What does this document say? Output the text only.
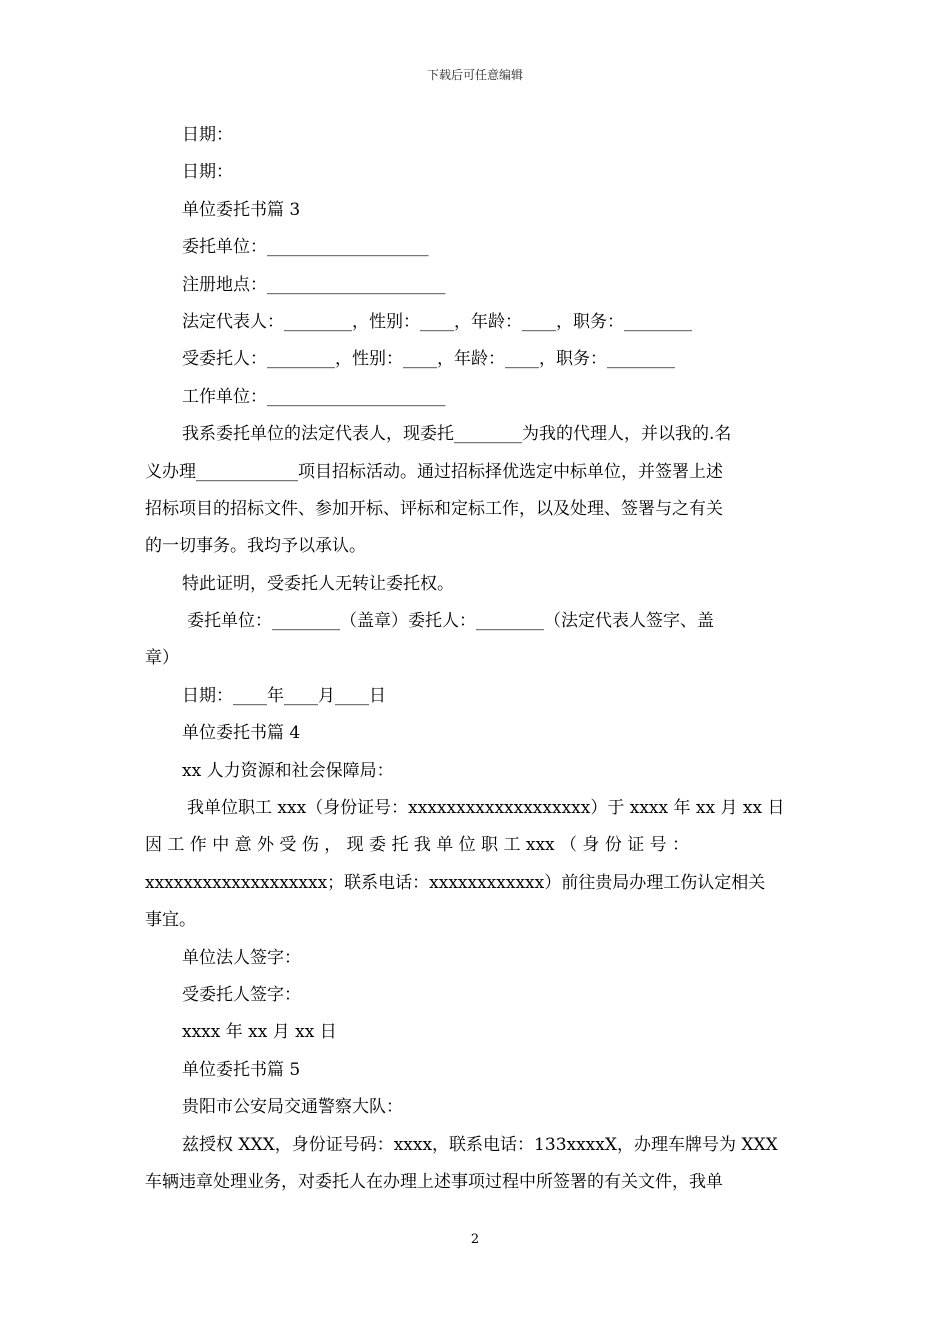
下载后可任意编辑
日期：
日期：
单位委托书篇 3
委托单位：___________________
注册地点：_____________________
法定代表人：________，性别：____，年龄：____，职务：________
受委托人：________，性别：____，年龄：____，职务：________
工作单位：_____________________
我系委托单位的法定代表人，现委托________为我的代理人，并以我的.名
义办理____________项目招标活动。通过招标择优选定中标单位，并签署上述
招标项目的招标文件、参加开标、评标和定标工作，以及处理、签署与之有关
的一切事务。我均予以承认。
特此证明，受委托人无转让委托权。
委托单位：________（盖章）委托人：________（法定代表人签字、盖
章）
日期：____年____月____日
单位委托书篇 4
xx 人力资源和社会保障局：
我单位职工 xxx（身份证号：xxxxxxxxxxxxxxxxxxx）于 xxxx 年 xx 月 xx 日
因 工 作 中 意 外 受 伤 ， 现 委 托 我 单 位 职 工 xxx （ 身 份 证 号 ：
xxxxxxxxxxxxxxxxxxx；联系电话：xxxxxxxxxxxx）前往贵局办理工伤认定相关
事宜。
单位法人签字：
受委托人签字：
xxxx 年 xx 月 xx 日
单位委托书篇 5
贵阳市公安局交通警察大队：
兹授权 XXX，身份证号码：xxxx，联系电话：133xxxxX，办理车牌号为 XXX
车辆违章处理业务，对委托人在办理上述事项过程中所签署的有关文件，我单
2
